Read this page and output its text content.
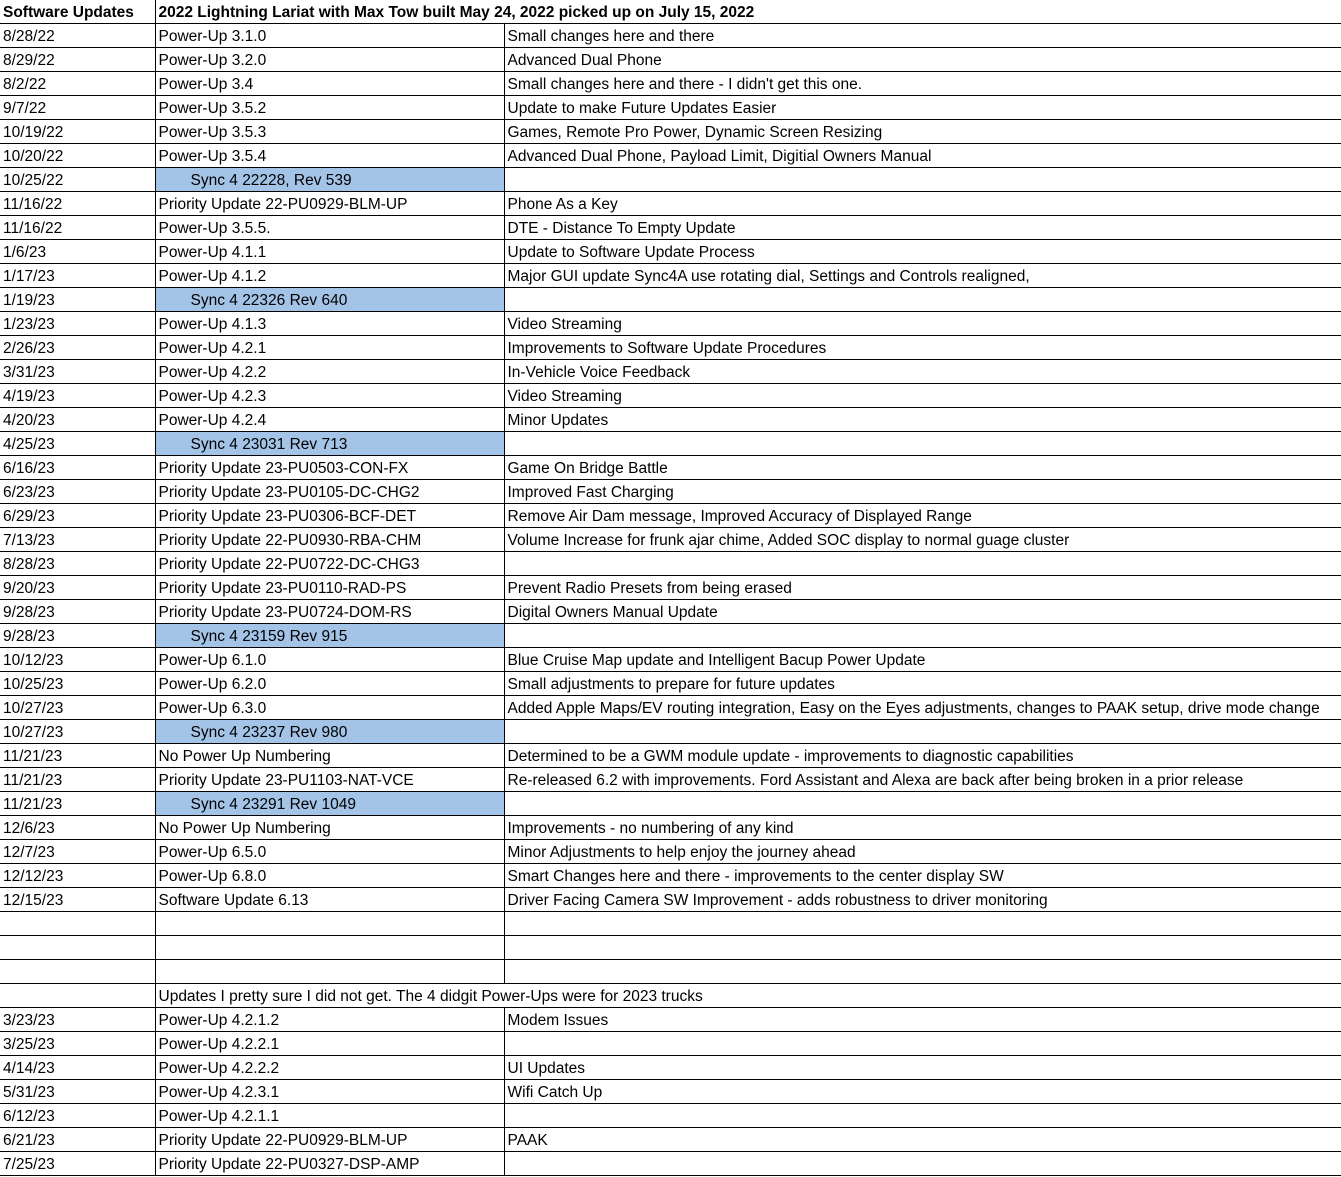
Software Updates	2022 Lightning Lariat with Max Tow built May 24, 2022 picked up on July 15, 2022	
8/28/22	Power-Up 3.1.0	Small changes here and there
8/29/22	Power-Up 3.2.0	Advanced Dual Phone
8/2/22	Power-Up 3.4	Small changes here and there - I didn't get this one.
9/7/22	Power-Up 3.5.2	Update to make Future Updates Easier
10/19/22	Power-Up 3.5.3	Games, Remote Pro Power, Dynamic Screen Resizing
10/20/22	Power-Up 3.5.4	Advanced Dual Phone, Payload Limit, Digitial Owners Manual
10/25/22	Sync 4 22228, Rev 539	
11/16/22	Priority Update 22-PU0929-BLM-UP	Phone As a Key
11/16/22	Power-Up 3.5.5.	DTE - Distance To Empty Update
1/6/23	Power-Up 4.1.1	Update to Software Update Process
1/17/23	Power-Up 4.1.2	Major GUI update Sync4A use rotating dial, Settings and Controls realigned,
1/19/23	Sync 4 22326 Rev 640	
1/23/23	Power-Up 4.1.3	Video Streaming
2/26/23	Power-Up 4.2.1	Improvements to Software Update Procedures
3/31/23	Power-Up 4.2.2	In-Vehicle Voice Feedback
4/19/23	Power-Up 4.2.3	Video Streaming
4/20/23	Power-Up 4.2.4	Minor Updates
4/25/23	Sync 4 23031 Rev 713	
6/16/23	Priority Update 23-PU0503-CON-FX	Game On Bridge Battle
6/23/23	Priority Update 23-PU0105-DC-CHG2	Improved Fast Charging
6/29/23	Priority Update 23-PU0306-BCF-DET	Remove Air Dam message, Improved Accuracy of Displayed Range
7/13/23	Priority Update 22-PU0930-RBA-CHM	Volume Increase for frunk ajar chime, Added SOC display to normal guage cluster
8/28/23	Priority Update 22-PU0722-DC-CHG3	
9/20/23	Priority Update 23-PU0110-RAD-PS	Prevent Radio Presets from being erased
9/28/23	Priority Update 23-PU0724-DOM-RS	Digital Owners Manual Update
9/28/23	Sync 4 23159 Rev 915	
10/12/23	Power-Up 6.1.0	Blue Cruise Map update and Intelligent Bacup Power Update
10/25/23	Power-Up 6.2.0	Small adjustments to prepare for future updates
10/27/23	Power-Up 6.3.0	Added Apple Maps/EV routing integration, Easy on the Eyes adjustments, changes to PAAK setup, drive mode change
10/27/23	Sync 4 23237 Rev 980	
11/21/23	No Power Up Numbering	Determined to be a GWM module update - improvements to diagnostic capabilities
11/21/23	Priority Update 23-PU1103-NAT-VCE	Re-released 6.2 with improvements. Ford Assistant and Alexa are back after being broken in a prior release
11/21/23	Sync 4 23291 Rev 1049	
12/6/23	No Power Up Numbering	Improvements - no numbering of any kind
12/7/23	Power-Up 6.5.0	Minor Adjustments to help enjoy the journey ahead
12/12/23	Power-Up 6.8.0	Smart Changes here and there - improvements to the center display SW
12/15/23	Software Update 6.13	Driver Facing Camera SW Improvement - adds robustness to driver monitoring

	Updates I pretty sure I did not get. The 4 didgit Power-Ups were for 2023 trucks	
3/23/23	Power-Up 4.2.1.2	Modem Issues
3/25/23	Power-Up 4.2.2.1	
4/14/23	Power-Up 4.2.2.2	UI Updates
5/31/23	Power-Up 4.2.3.1	Wifi Catch Up
6/12/23	Power-Up 4.2.1.1	
6/21/23	Priority Update 22-PU0929-BLM-UP	PAAK
7/25/23	Priority Update 22-PU0327-DSP-AMP	
